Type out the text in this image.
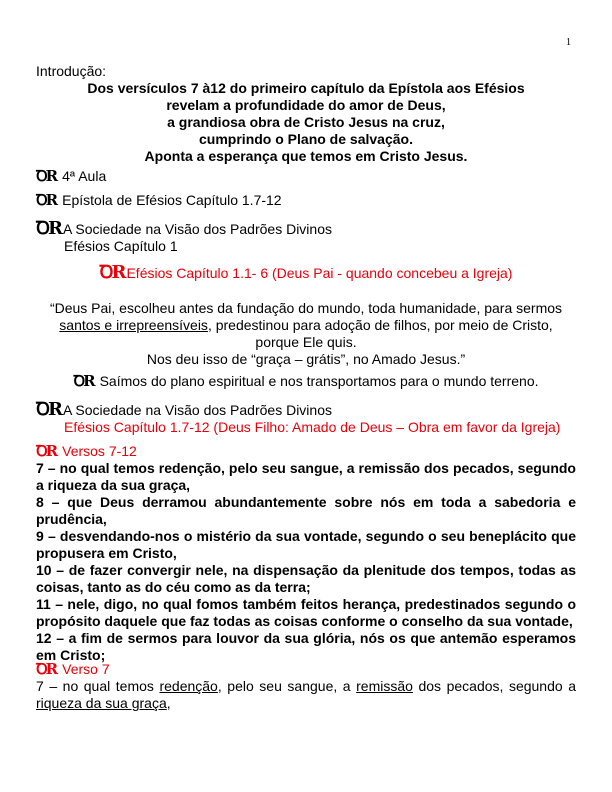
1
Introdução:
Dos versículos 7 à12 do primeiro capítulo da Epístola aos Efésios
revelam a profundidade do amor de Deus,
a grandiosa obra de Cristo Jesus na cruz,
cumprindo o Plano de salvação.
Aponta a esperança que temos em Cristo Jesus.
ꝹR 4ª Aula
ꝹR Epístola de Efésios Capítulo 1.7-12
ꝹR A Sociedade na Visão dos Padrões Divinos
Efésios Capítulo 1
ꝹR Efésios Capítulo 1.1- 6 (Deus Pai - quando concebeu a Igreja)
“Deus Pai, escolheu antes da fundação do mundo, toda humanidade, para sermos
santos e irrepreensíveis, predestinou para adoção de filhos, por meio de Cristo,
porque Ele quis.
Nos deu isso de “graça – grátis”, no Amado Jesus.”
ꝹR Saímos do plano espiritual e nos transportamos para o mundo terreno.
ꝹR A Sociedade na Visão dos Padrões Divinos
Efésios Capítulo 1.7-12 (Deus Filho: Amado de Deus – Obra em favor da Igreja)
ꝹR Versos 7-12

7 – no qual temos redenção, pelo seu sangue, a remissão dos pecados, segundo a riqueza da sua graça,

8 – que Deus derramou abundantemente sobre nós em toda a sabedoria e prudência,

9 – desvendando-nos o mistério da sua vontade, segundo o seu beneplácito que propusera em Cristo,

10 – de fazer convergir nele, na dispensação da plenitude dos tempos, todas as coisas, tanto as do céu como as da terra;

11 – nele, digo, no qual fomos também feitos herança, predestinados segundo o propósito daquele que faz todas as coisas conforme o conselho da sua vontade,

12 – a fim de sermos para louvor da sua glória, nós os que antemão esperamos em Cristo;

ꝹR Verso 7

7 – no qual temos redenção, pelo seu sangue, a remissão dos pecados, segundo a riqueza da sua graça,
